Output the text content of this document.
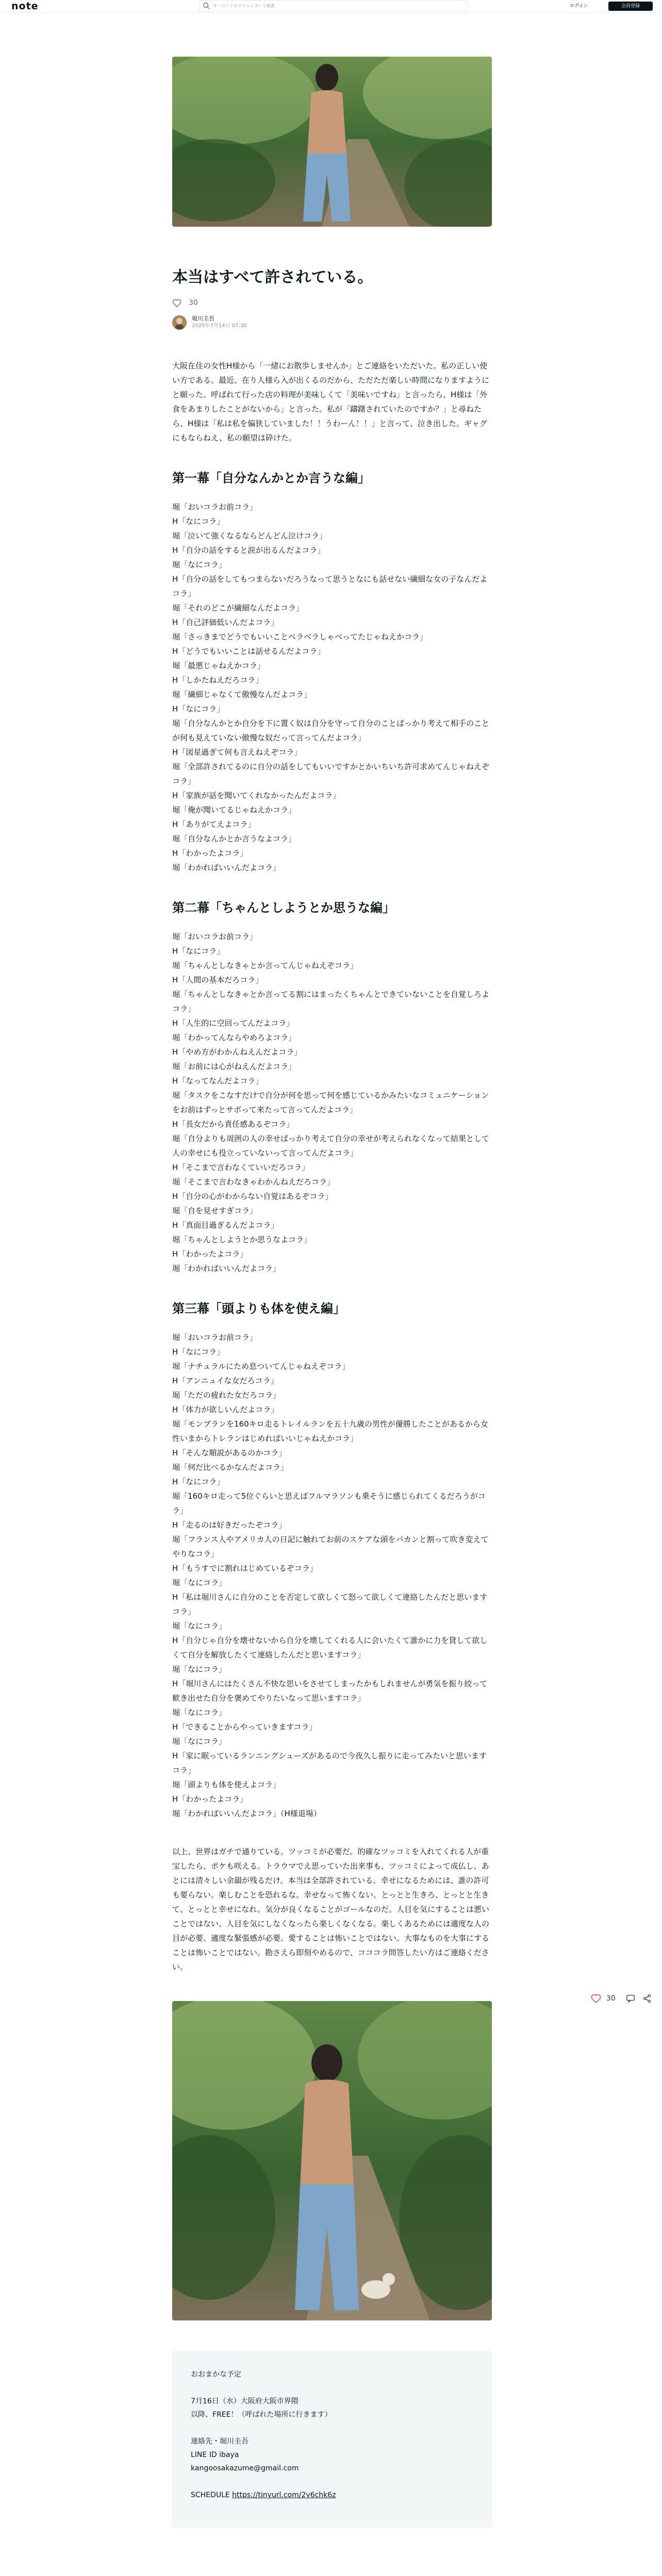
note
キーワードやクリエイターで検索	ログイン	会員登録
本当はすべて許されている。
30
堀川圭吾
2025年7月14日 07:30

大阪在住の女性H様から「一緒にお散歩しませんか」とご連絡をいただいた。私の正しい使い方である。最近、在り人様ら入が出くるのだから、ただただ楽しい時間になりますようにと願った。呼ばれて行った店の料理が美味しくて「美味いですね」と言ったら、H様は「外食をあまりしたことがないから」と言った。私が「躊躇されていたのですか？」と尋ねたら、H様は「私は私を偏狭していました！！うわーん！！」と言って、泣き出した。ギャグにもならねえ、私の願望は砕けた。

第一幕「自分なんかとか言うな編」
堀「おいコラお前コラ」
H「なにコラ」
堀「泣いて強くなるならどんどん泣けコラ」
H「自分の話をすると涙が出るんだよコラ」
堀「なにコラ」
H「自分の話をしてもつまらないだろうなって思うとなにも話せない繊細な女の子なんだよコラ」
堀「それのどこが繊細なんだよコラ」
H「自己評価低いんだよコラ」
堀「さっきまでどうでもいいことベラベラしゃべってたじゃねえかコラ」
H「どうでもいいことは話せるんだよコラ」
堀「最悪じゃねえかコラ」
H「しかたねえだろコラ」
堀「繊細じゃなくて傲慢なんだよコラ」
H「なにコラ」
堀「自分なんかとか自分を下に置く奴は自分を守って自分のことばっかり考えて相手のことが何も見えていない傲慢な奴だって言ってんだよコラ」
H「図星過ぎて何も言えねえぞコラ」
堀「全部許されてるのに自分の話をしてもいいですかとかいちいち許可求めてんじゃねえぞコラ」
H「家族が話を聞いてくれなかったんだよコラ」
堀「俺が聞いてるじゃねえかコラ」
H「ありがてえよコラ」
堀「自分なんかとか言うなよコラ」
H「わかったよコラ」
堀「わかればいいんだよコラ」
第二幕「ちゃんとしようとか思うな編」
堀「おいコラお前コラ」
H「なにコラ」
堀「ちゃんとしなきゃとか言ってんじゃねえぞコラ」
H「人間の基本だろコラ」
堀「ちゃんとしなきゃとか言ってる割にはまったくちゃんとできていないことを自覚しろよコラ」
H「人生的に空回ってんだよコラ」
堀「わかってんならやめろよコラ」
H「やめ方がわかんねえんだよコラ」
堀「お前には心がねえんだよコラ」
H「なってなんだよコラ」
堀「タスクをこなすだけで自分が何を思って何を感じているかみたいなコミュニケーションをお前はずっとサボって来たって言ってんだよコラ」
H「長女だから責任感あるぞコラ」
堀「自分よりも周囲の人の幸せばっかり考えて自分の幸せが考えられなくなって結果として人の幸せにも役立っていないって言ってんだよコラ」
H「そこまで言わなくていいだろコラ」
堀「そこまで言わなきゃわかんねえだろコラ」
H「自分の心がわからない自覚はあるぞコラ」
堀「自を見せすぎコラ」
H「真面目過ぎるんだよコラ」
堀「ちゃんとしようとか思うなよコラ」
H「わかったよコラ」
堀「わかればいいんだよコラ」
第三幕「頭よりも体を使え編」
堀「おいコラお前コラ」
H「なにコラ」
堀「ナチュラルにため息ついてんじゃねえぞコラ」
H「アンニュイな女だろコラ」
堀「ただの疲れた女だろコラ」
H「体力が欲しいんだよコラ」
堀「モンブランを160キロ走るトレイルランを五十九歳の男性が優勝したことがあるから女性いまからトレランはじめればいいじゃねえかコラ」
H「そんな順説があるのかコラ」
堀「何だ比べるかなんだよコラ」
H「なにコラ」
堀「160キロ走って5位ぐらいと思えばフルマラソンも乗そうに感じられてくるだろうがコラ」
H「走るのは好きだったぞコラ」
堀「フランス人やアメリカ人の日記に触れてお前のスケアな頭をパカンと割って吹き変えてやりなコラ」
H「もうすでに割れはじめているぞコラ」
堀「なにコラ」
H「私は堀川さんに自分のことを否定して欲しくて怒って欲しくて連絡したんだと思いますコラ」
堀「なにコラ」
H「自分じゃ自分を壊せないから自分を壊してくれる人に会いたくて誰かに力を貸して欲しくて自分を解放したくて連絡したんだと思いますコラ」
堀「なにコラ」
H「堀川さんにはたくさん不快な思いをさせてしまったかもしれませんが勇気を振り絞って歓き出せた自分を褒めてやりたいなって思いますコラ」
堀「なにコラ」
H「できることからやっていきますコラ」
堀「なにコラ」
H「家に眠っているランニングシューズがあるので今夜久し振りに走ってみたいと思いますコラ」
堀「頭よりも体を使えよコラ」
H「わかったよコラ」
堀「わかればいいんだよコラ」（H様退場）

以上、世界はガチで通りている。ツッコミが必要だ。的確なツッコミを入れてくれる人が重宝したら、ボケも咲える。トラウマでえ思っていた出来事も、ツッコミによって成仏し、あとには清々しい余韻が残るだけ。本当は全部許されている。幸せになるためには、誰の許可も要らない。楽しむことを恐れるな。幸せなって怖くない。とっとと生きろ、とっとと生きて、とっとと幸せになれ。気分が良くなることがゴールなのだ。人目を気にすることは悪いことではない。人目を気にしなくなったら楽しくなくなる。楽しくあるためには適度な人の目が必要。適度な緊張感が必要。愛することは怖いことではない。大事なものを大事にすることは怖いことではない。勘さえら即刻やめるので、コココラ問答したい方はご連絡ください。

おおまかな予定
7月16日（水）大阪府大阪市界隈
以降、FREE！（呼ばれた場所に行きます）
連絡先・堀川圭吾
LINE ID ibaya
kangoosakazume@gmail.com
SCHEDULE https://tinyurl.com/2y6chk6z
30
